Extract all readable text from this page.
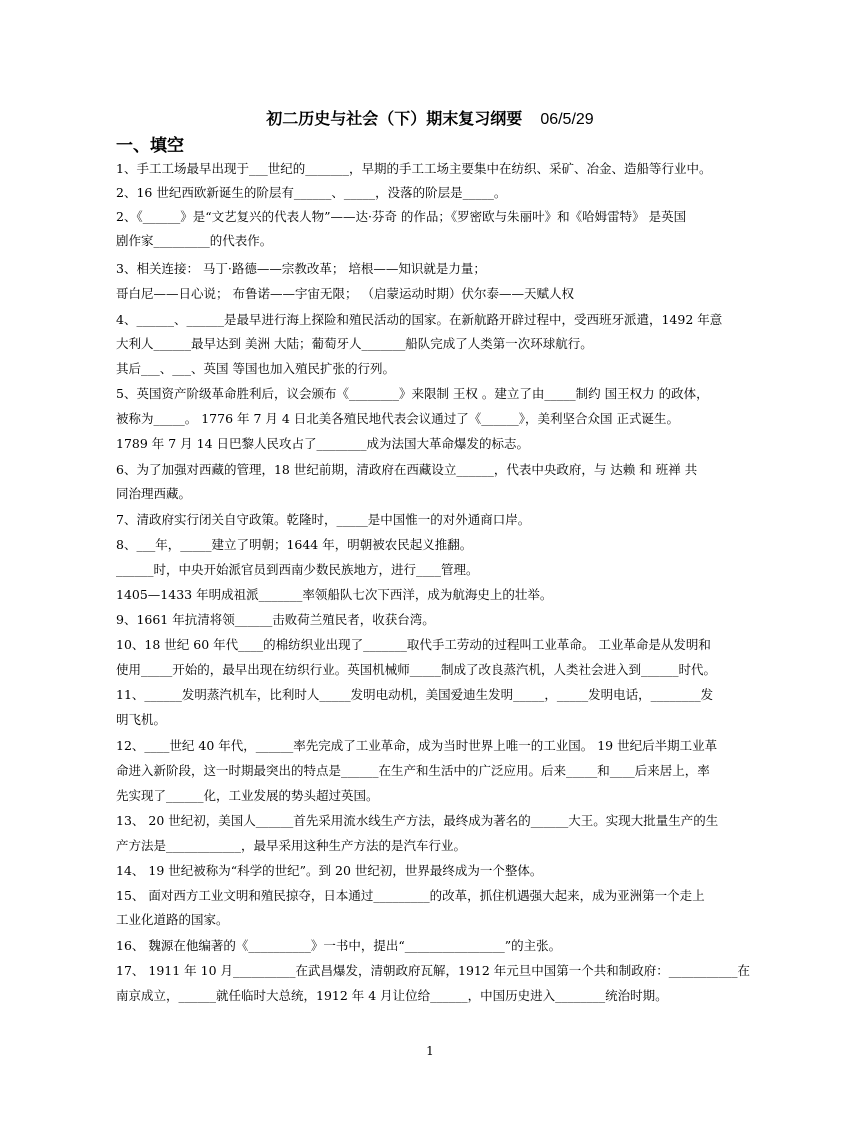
初二历史与社会（下）期末复习纲要 06/5/29
一、填空
1、手工工场最早出现于___世纪的_______，早期的手工工场主要集中在纺织、采矿、冶金、造船等行业中。
2、16 世纪西欧新诞生的阶层有______、_____，没落的阶层是_____。
2、《______》是“文艺复兴的代表人物”——达·芬奇 的作品；《罗密欧与朱丽叶》和《哈姆雷特》 是英国
剧作家_________的代表作。
3、相关连接： 马丁·路德——宗教改革； 培根——知识就是力量；
哥白尼——日心说； 布鲁诺——宇宙无限； （启蒙运动时期）伏尔泰——天赋人权
4、______、______是最早进行海上探险和殖民活动的国家。在新航路开辟过程中，受西班牙派遣，1492 年意
大利人______最早达到 美洲 大陆；葡萄牙人_______船队完成了人类第一次环球航行。
其后___、___、英国 等国也加入殖民扩张的行列。
5、英国资产阶级革命胜利后，议会颁布《________》来限制 王权 。建立了由_____制约 国王权力 的政体，
被称为_____。 1776 年 7 月 4 日北美各殖民地代表会议通过了《______》，美利坚合众国 正式诞生。
1789 年 7 月 14 日巴黎人民攻占了________成为法国大革命爆发的标志。
6、为了加强对西藏的管理，18 世纪前期，清政府在西藏设立______，代表中央政府，与 达赖 和 班禅 共
同治理西藏。
7、清政府实行闭关自守政策。乾隆时，_____是中国惟一的对外通商口岸。
8、___年，_____建立了明朝；1644 年，明朝被农民起义推翻。
______时，中央开始派官员到西南少数民族地方，进行____管理。
1405—1433 年明成祖派_______率领船队七次下西洋，成为航海史上的壮举。
9、1661 年抗清将领______击败荷兰殖民者，收获台湾。
10、18 世纪 60 年代____的棉纺织业出现了_______取代手工劳动的过程叫工业革命。 工业革命是从发明和
使用_____开始的，最早出现在纺织行业。英国机械师_____制成了改良蒸汽机，人类社会进入到______时代。
11、______发明蒸汽机车，比利时人_____发明电动机，美国爱迪生发明_____，_____发明电话，________发
明飞机。
12、____世纪 40 年代，______率先完成了工业革命，成为当时世界上唯一的工业国。 19 世纪后半期工业革
命进入新阶段，这一时期最突出的特点是______在生产和生活中的广泛应用。后来_____和____后来居上，率
先实现了______化，工业发展的势头超过英国。
13、 20 世纪初，美国人______首先采用流水线生产方法，最终成为著名的______大王。实现大批量生产的生
产方法是____________，最早采用这种生产方法的是汽车行业。
14、 19 世纪被称为“科学的世纪”。到 20 世纪初，世界最终成为一个整体。
15、 面对西方工业文明和殖民掠夺，日本通过_________的改革，抓住机遇强大起来，成为亚洲第一个走上
工业化道路的国家。
16、 魏源在他编著的《__________》一书中，提出“________________”的主张。
17、 1911 年 10 月__________在武昌爆发，清朝政府瓦解，1912 年元旦中国第一个共和制政府：___________在
南京成立，______就任临时大总统，1912 年 4 月让位给______，中国历史进入________统治时期。
1
